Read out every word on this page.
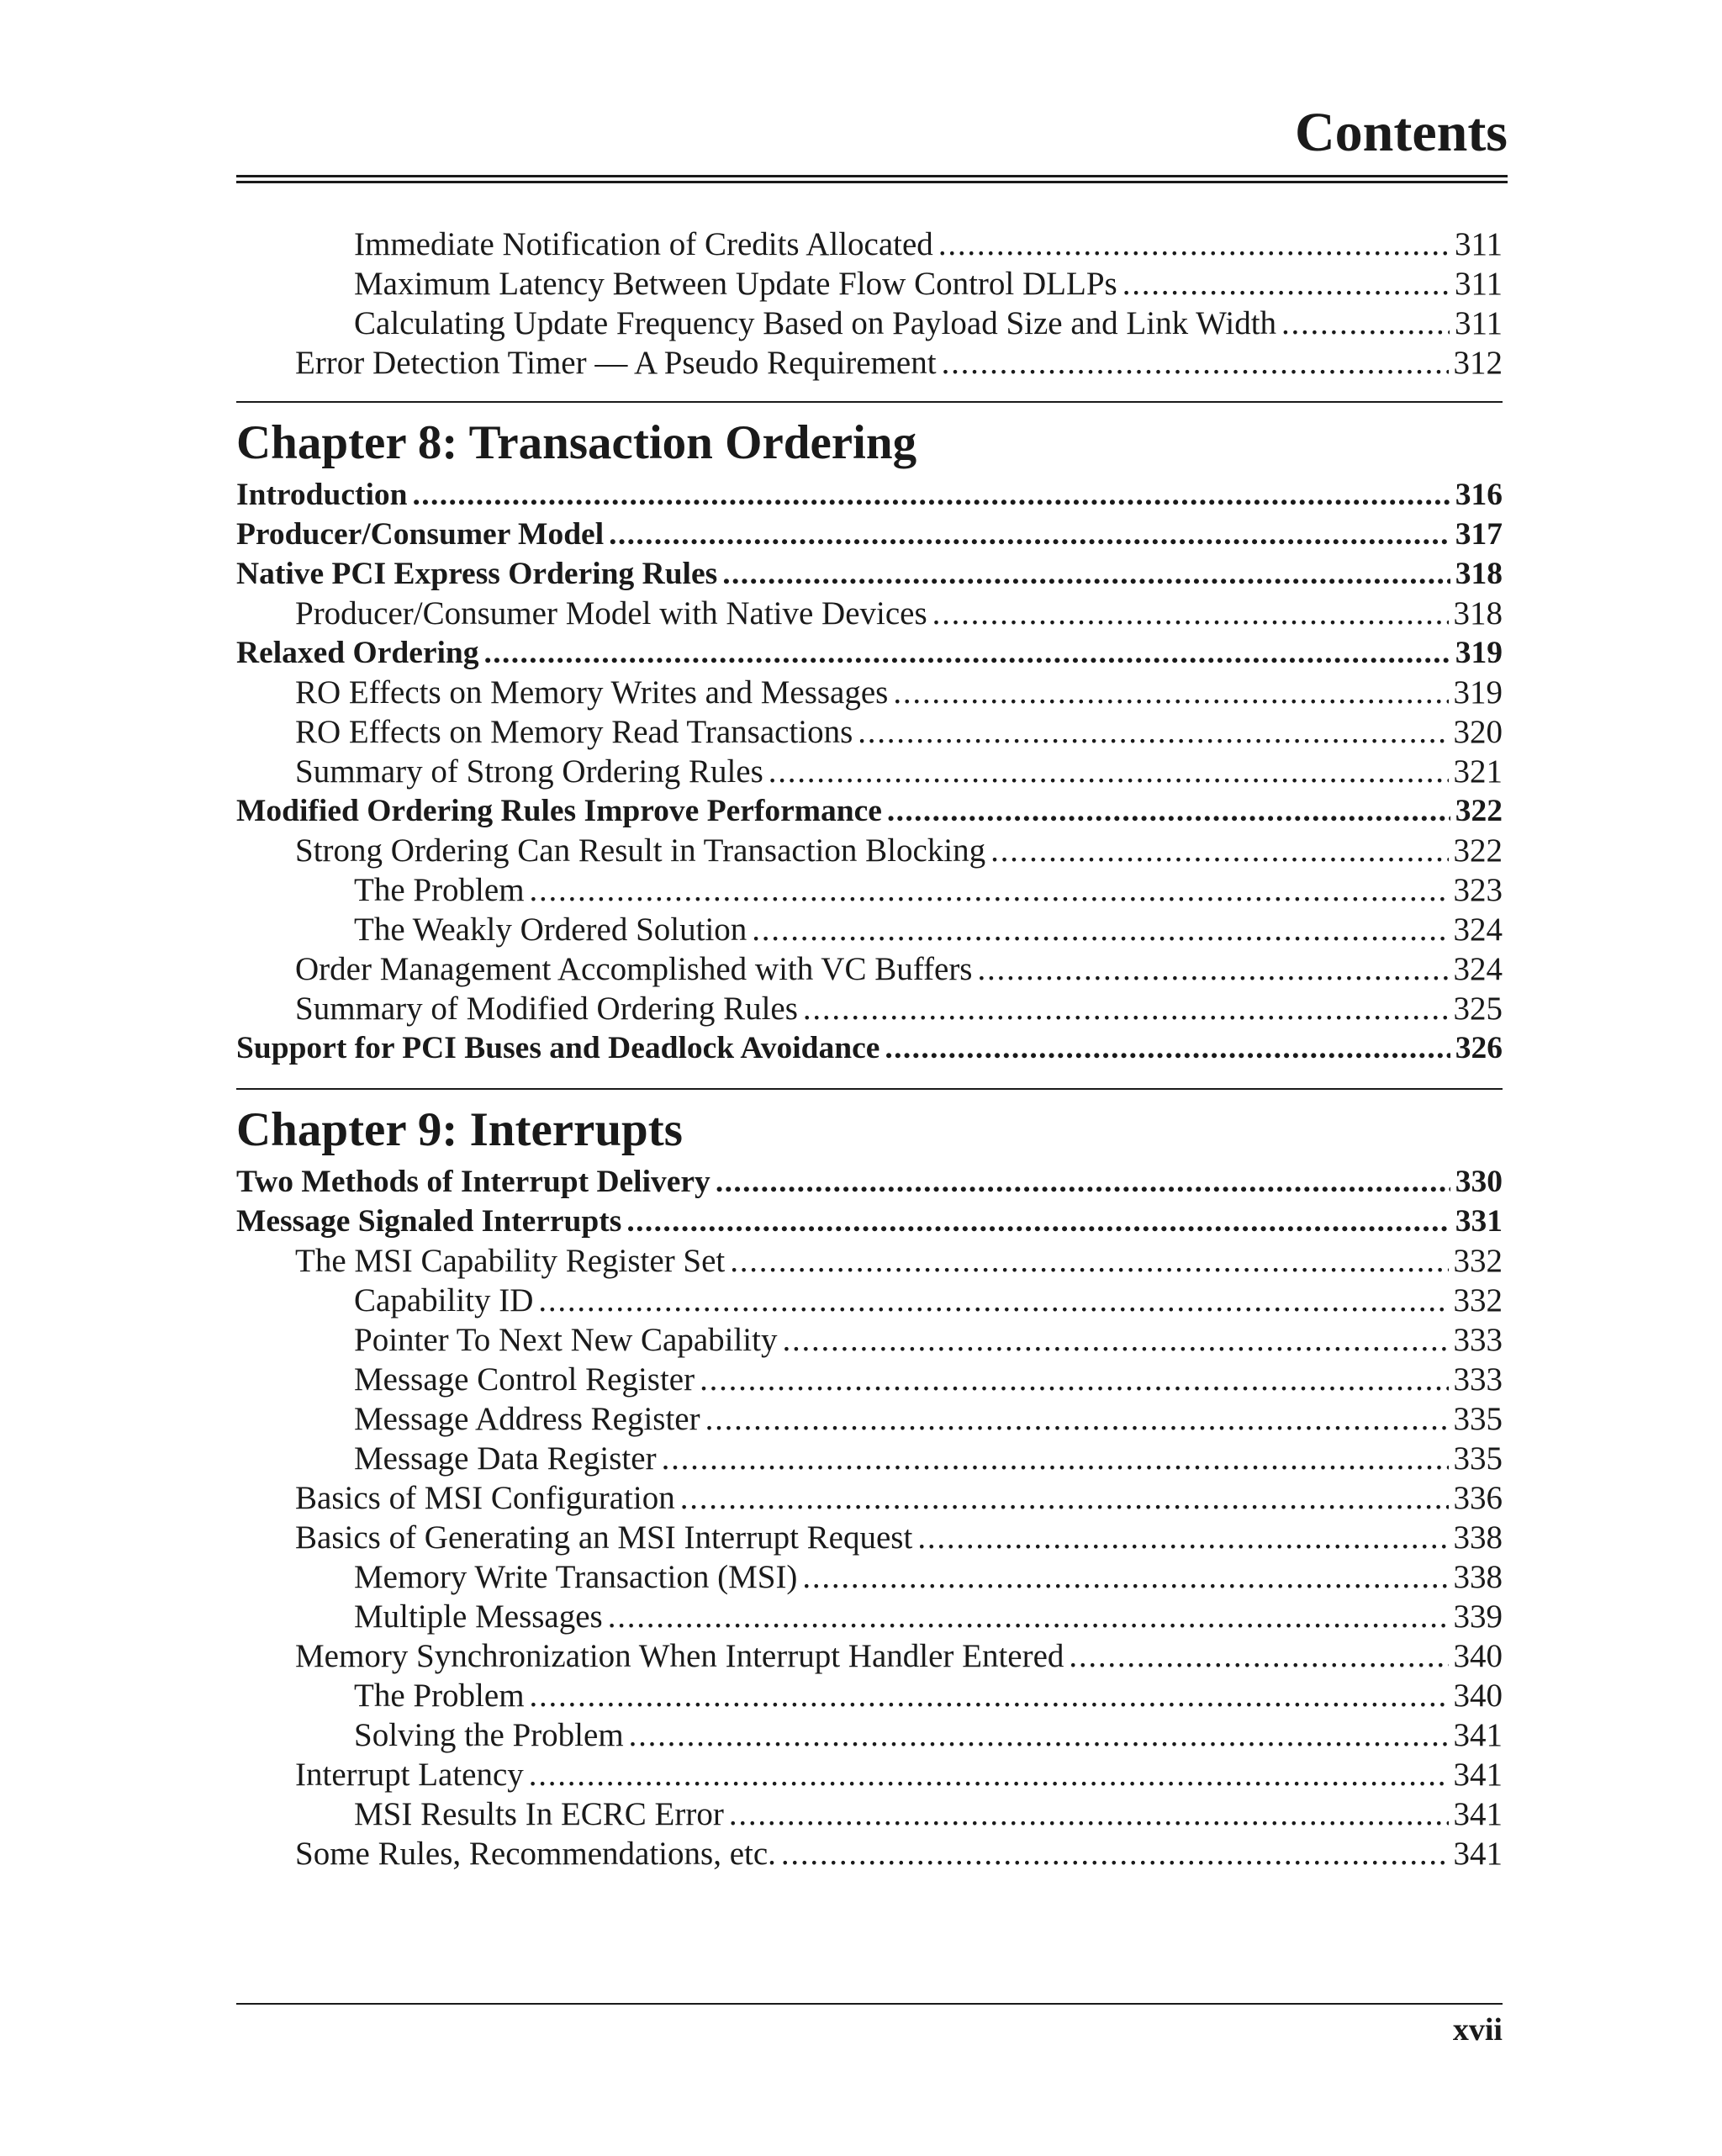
Contents
Immediate Notification of Credits Allocated . . .	311
Maximum Latency Between Update Flow Control DLLPs . . .	311
Calculating Update Frequency Based on Payload Size and Link Width . . .	311
Error Detection Timer — A Pseudo Requirement . . .	312
Chapter 8: Transaction Ordering
Introduction . . .	316
Producer/Consumer Model . . .	317
Native PCI Express Ordering Rules . . .	318
Producer/Consumer Model with Native Devices . . .	318
Relaxed Ordering . . .	319
RO Effects on Memory Writes and Messages . . .	319
RO Effects on Memory Read Transactions . . .	320
Summary of Strong Ordering Rules . . .	321
Modified Ordering Rules Improve Performance . . .	322
Strong Ordering Can Result in Transaction Blocking . . .	322
The Problem . . .	323
The Weakly Ordered Solution . . .	324
Order Management Accomplished with VC Buffers . . .	324
Summary of Modified Ordering Rules . . .	325
Support for PCI Buses and Deadlock Avoidance . . .	326
Chapter 9: Interrupts
Two Methods of Interrupt Delivery . . .	330
Message Signaled Interrupts . . .	331
The MSI Capability Register Set . . .	332
Capability ID . . .	332
Pointer To Next New Capability . . .	333
Message Control Register . . .	333
Message Address Register . . .	335
Message Data Register . . .	335
Basics of MSI Configuration . . .	336
Basics of Generating an MSI Interrupt Request . . .	338
Memory Write Transaction (MSI) . . .	338
Multiple Messages . . .	339
Memory Synchronization When Interrupt Handler Entered . . .	340
The Problem . . .	340
Solving the Problem . . .	341
Interrupt Latency . . .	341
MSI Results In ECRC Error . . .	341
Some Rules, Recommendations, etc. . . .	341
xvii
